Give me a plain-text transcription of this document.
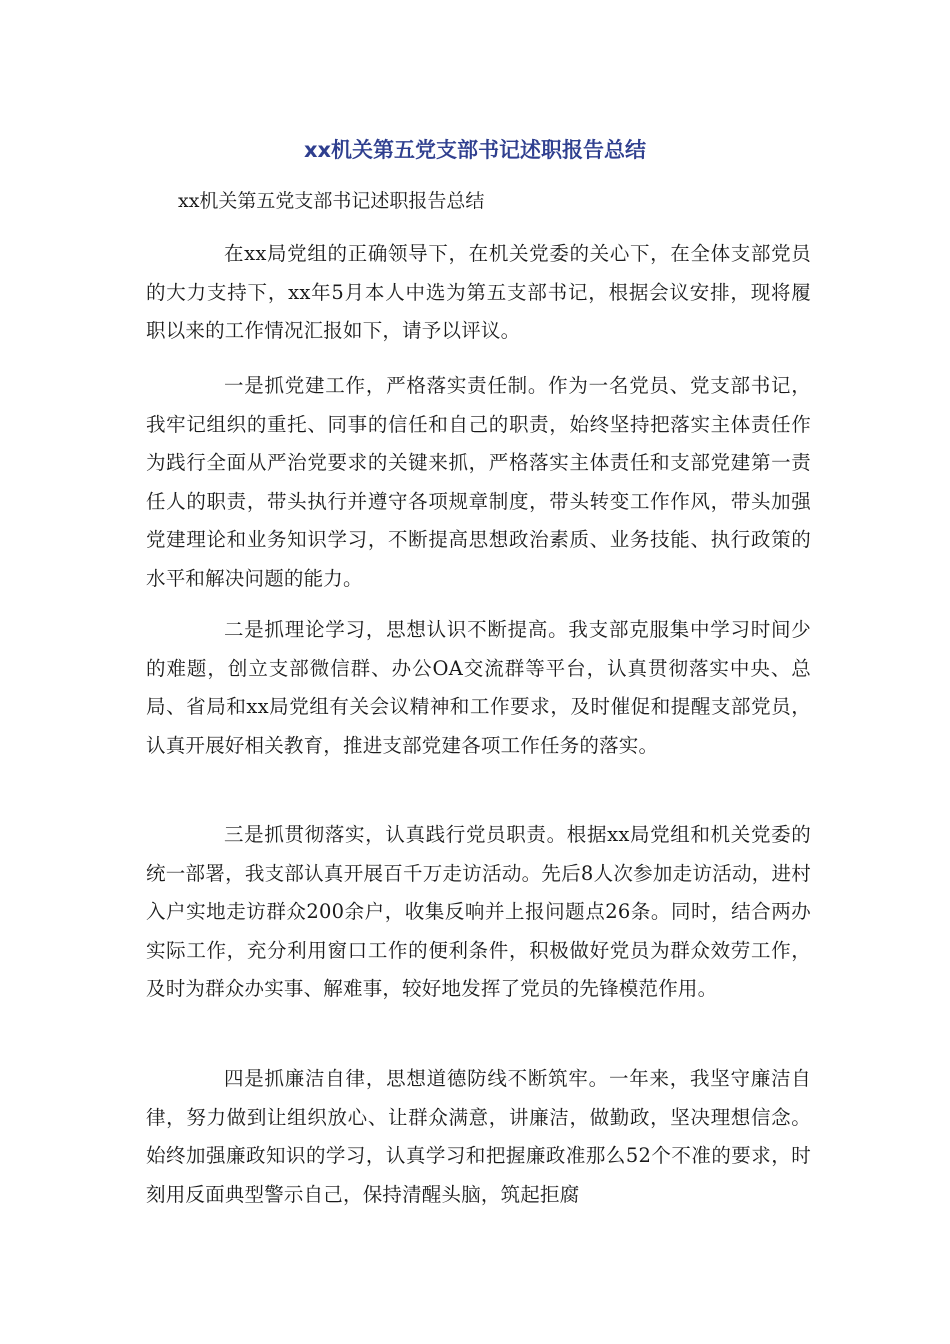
xx机关第五党支部书记述职报告总结

xx机关第五党支部书记述职报告总结

在xx局党组的正确领导下，在机关党委的关心下，在全体支部党员的大力支持下，xx年5月本人中选为第五支部书记，根据会议安排，现将履职以来的工作情况汇报如下，请予以评议。

一是抓党建工作，严格落实责任制。作为一名党员、党支部书记，我牢记组织的重托、同事的信任和自己的职责，始终坚持把落实主体责任作为践行全面从严治党要求的关键来抓，严格落实主体责任和支部党建第一责任人的职责，带头执行并遵守各项规章制度，带头转变工作作风，带头加强党建理论和业务知识学习，不断提高思想政治素质、业务技能、执行政策的水平和解决问题的能力。

二是抓理论学习，思想认识不断提高。我支部克服集中学习时间少的难题，创立支部微信群、办公OA交流群等平台，认真贯彻落实中央、总局、省局和xx局党组有关会议精神和工作要求，及时催促和提醒支部党员，认真开展好相关教育，推进支部党建各项工作任务的落实。

三是抓贯彻落实，认真践行党员职责。根据xx局党组和机关党委的统一部署，我支部认真开展百千万走访活动。先后8人次参加走访活动，进村入户实地走访群众200余户，收集反响并上报问题点26条。同时，结合两办实际工作，充分利用窗口工作的便利条件，积极做好党员为群众效劳工作，及时为群众办实事、解难事，较好地发挥了党员的先锋模范作用。

四是抓廉洁自律，思想道德防线不断筑牢。一年来，我坚守廉洁自律，努力做到让组织放心、让群众满意，讲廉洁，做勤政，坚决理想信念。始终加强廉政知识的学习，认真学习和把握廉政准那么52个不准的要求，时刻用反面典型警示自己，保持清醒头脑，筑起拒腐
